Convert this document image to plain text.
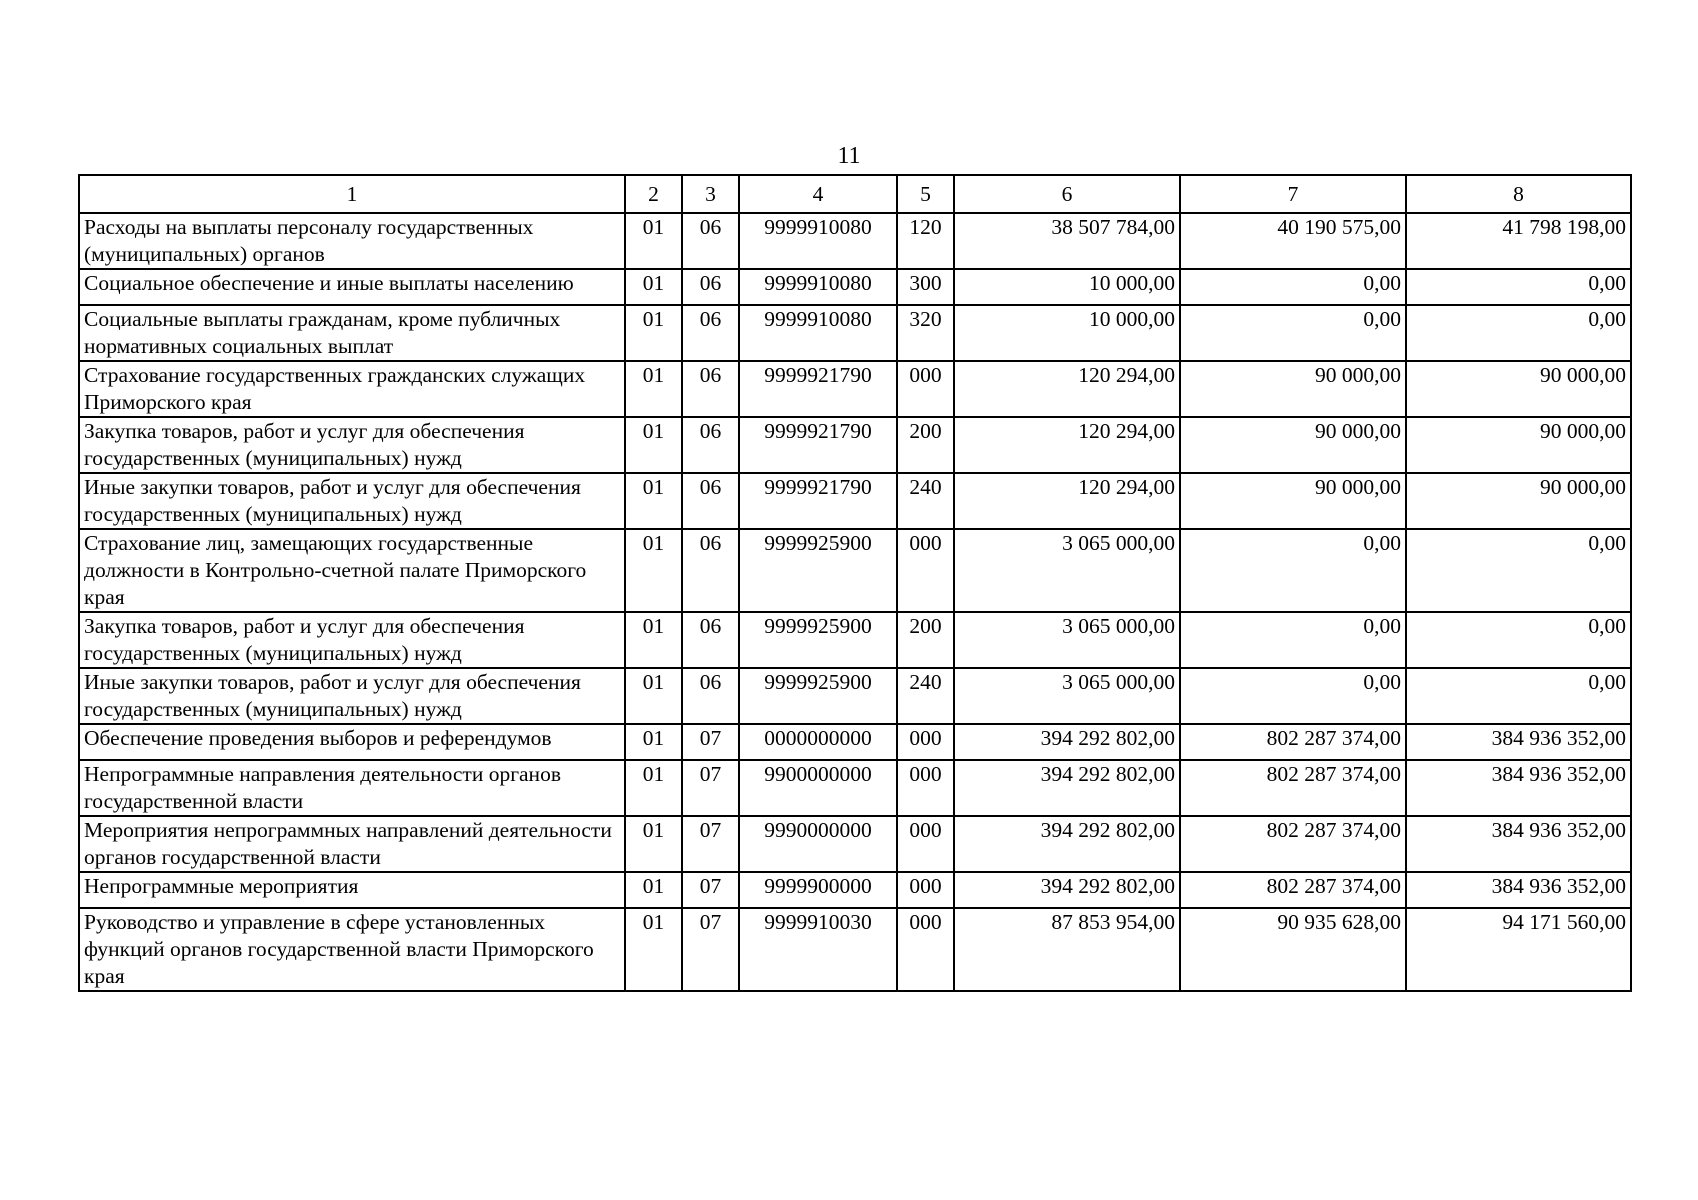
11
1	2	3	4	5	6	7	8
Расходы на выплаты персоналу государственных (муниципальных) органов	01	06	9999910080	120	38 507 784,00	40 190 575,00	41 798 198,00
Социальное обеспечение и иные выплаты населению	01	06	9999910080	300	10 000,00	0,00	0,00
Социальные выплаты гражданам, кроме публичных нормативных социальных выплат	01	06	9999910080	320	10 000,00	0,00	0,00
Страхование государственных гражданских служащих Приморского края	01	06	9999921790	000	120 294,00	90 000,00	90 000,00
Закупка товаров, работ и услуг для обеспечения государственных (муниципальных) нужд	01	06	9999921790	200	120 294,00	90 000,00	90 000,00
Иные закупки товаров, работ и услуг для обеспечения государственных (муниципальных) нужд	01	06	9999921790	240	120 294,00	90 000,00	90 000,00
Страхование лиц, замещающих государственные должности в Контрольно-счетной палате Приморского края	01	06	9999925900	000	3 065 000,00	0,00	0,00
Закупка товаров, работ и услуг для обеспечения государственных (муниципальных) нужд	01	06	9999925900	200	3 065 000,00	0,00	0,00
Иные закупки товаров, работ и услуг для обеспечения государственных (муниципальных) нужд	01	06	9999925900	240	3 065 000,00	0,00	0,00
Обеспечение проведения выборов и референдумов	01	07	0000000000	000	394 292 802,00	802 287 374,00	384 936 352,00
Непрограммные направления деятельности органов государственной власти	01	07	9900000000	000	394 292 802,00	802 287 374,00	384 936 352,00
Мероприятия непрограммных направлений деятельности органов государственной власти	01	07	9990000000	000	394 292 802,00	802 287 374,00	384 936 352,00
Непрограммные мероприятия	01	07	9999900000	000	394 292 802,00	802 287 374,00	384 936 352,00
Руководство и управление в сфере установленных функций органов государственной власти Приморского края	01	07	9999910030	000	87 853 954,00	90 935 628,00	94 171 560,00
